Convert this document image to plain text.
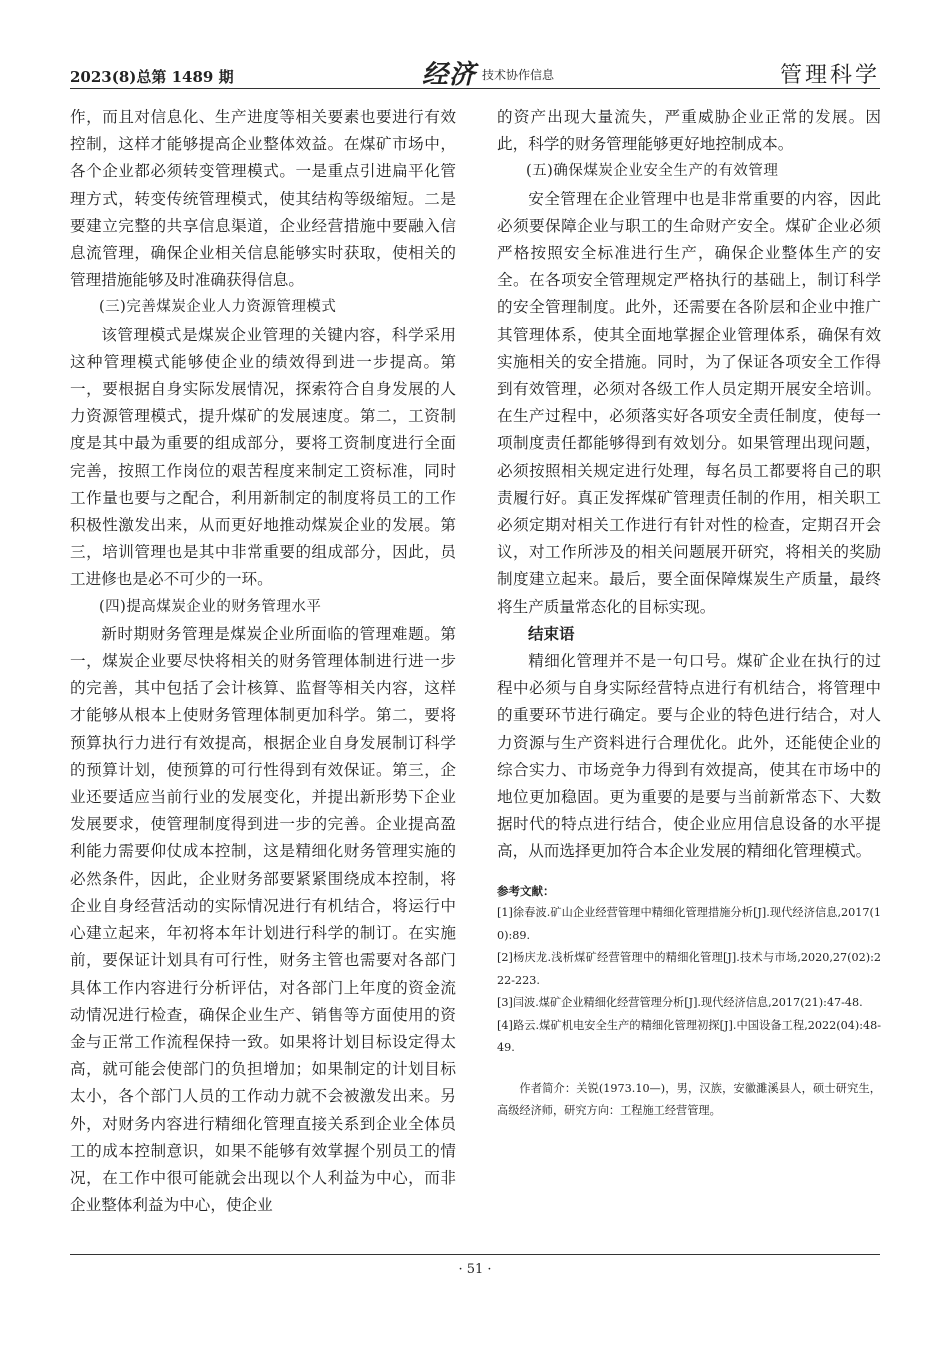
2023(8)总第 1489 期	经济 技术协作信息	管理科学

作，而且对信息化、生产进度等相关要素也要进行有效控制，这样才能够提高企业整体效益。在煤矿市场中，各个企业都必须转变管理模式。一是重点引进扁平化管理方式，转变传统管理模式，使其结构等级缩短。二是要建立完整的共享信息渠道，企业经营措施中要融入信息流管理，确保企业相关信息能够实时获取，使相关的管理措施能够及时准确获得信息。

(三)完善煤炭企业人力资源管理模式

该管理模式是煤炭企业管理的关键内容，科学采用这种管理模式能够使企业的绩效得到进一步提高。第一，要根据自身实际发展情况，探索符合自身发展的人力资源管理模式，提升煤矿的发展速度。第二，工资制度是其中最为重要的组成部分，要将工资制度进行全面完善，按照工作岗位的艰苦程度来制定工资标准，同时工作量也要与之配合，利用新制定的制度将员工的工作积极性激发出来，从而更好地推动煤炭企业的发展。第三，培训管理也是其中非常重要的组成部分，因此，员工进修也是必不可少的一环。

(四)提高煤炭企业的财务管理水平

新时期财务管理是煤炭企业所面临的管理难题。第一，煤炭企业要尽快将相关的财务管理体制进行进一步的完善，其中包括了会计核算、监督等相关内容，这样才能够从根本上使财务管理体制更加科学。第二，要将预算执行力进行有效提高，根据企业自身发展制订科学的预算计划，使预算的可行性得到有效保证。第三，企业还要适应当前行业的发展变化，并提出新形势下企业发展要求，使管理制度得到进一步的完善。企业提高盈利能力需要仰仗成本控制，这是精细化财务管理实施的必然条件，因此，企业财务部要紧紧围绕成本控制，将企业自身经营活动的实际情况进行有机结合，将运行中心建立起来，年初将本年计划进行科学的制订。在实施前，要保证计划具有可行性，财务主管也需要对各部门具体工作内容进行分析评估，对各部门上年度的资金流动情况进行检查，确保企业生产、销售等方面使用的资金与正常工作流程保持一致。如果将计划目标设定得太高，就可能会使部门的负担增加；如果制定的计划目标太小，各个部门人员的工作动力就不会被激发出来。另外，对财务内容进行精细化管理直接关系到企业全体员工的成本控制意识，如果不能够有效掌握个别员工的情况，在工作中很可能就会出现以个人利益为中心，而非企业整体利益为中心，使企业

的资产出现大量流失，严重威胁企业正常的发展。因此，科学的财务管理能够更好地控制成本。

(五)确保煤炭企业安全生产的有效管理

安全管理在企业管理中也是非常重要的内容，因此必须要保障企业与职工的生命财产安全。煤矿企业必须严格按照安全标准进行生产，确保企业整体生产的安全。在各项安全管理规定严格执行的基础上，制订科学的安全管理制度。此外，还需要在各阶层和企业中推广其管理体系，使其全面地掌握企业管理体系，确保有效实施相关的安全措施。同时，为了保证各项安全工作得到有效管理，必须对各级工作人员定期开展安全培训。在生产过程中，必须落实好各项安全责任制度，使每一项制度责任都能够得到有效划分。如果管理出现问题，必须按照相关规定进行处理，每名员工都要将自己的职责履行好。真正发挥煤矿管理责任制的作用，相关职工必须定期对相关工作进行有针对性的检查，定期召开会议，对工作所涉及的相关问题展开研究，将相关的奖励制度建立起来。最后，要全面保障煤炭生产质量，最终将生产质量常态化的目标实现。

结束语

精细化管理并不是一句口号。煤矿企业在执行的过程中必须与自身实际经营特点进行有机结合，将管理中的重要环节进行确定。要与企业的特色进行结合，对人力资源与生产资料进行合理优化。此外，还能使企业的综合实力、市场竞争力得到有效提高，使其在市场中的地位更加稳固。更为重要的是要与当前新常态下、大数据时代的特点进行结合，使企业应用信息设备的水平提高，从而选择更加符合本企业发展的精细化管理模式。

参考文献：
[1]徐春波.矿山企业经营管理中精细化管理措施分析[J].现代经济信息,2017(10):89.
[2]杨庆龙.浅析煤矿经营管理中的精细化管理[J].技术与市场,2020,27(02):222-223.
[3]闫波.煤矿企业精细化经营管理分析[J].现代经济信息,2017(21):47-48.
[4]路云.煤矿机电安全生产的精细化管理初探[J].中国设备工程,2022(04):48-49.
作者简介：关锐(1973.10—)，男，汉族，安徽濉溪县人，硕士研究生，高级经济师，研究方向：工程施工经营管理。
· 51 ·
